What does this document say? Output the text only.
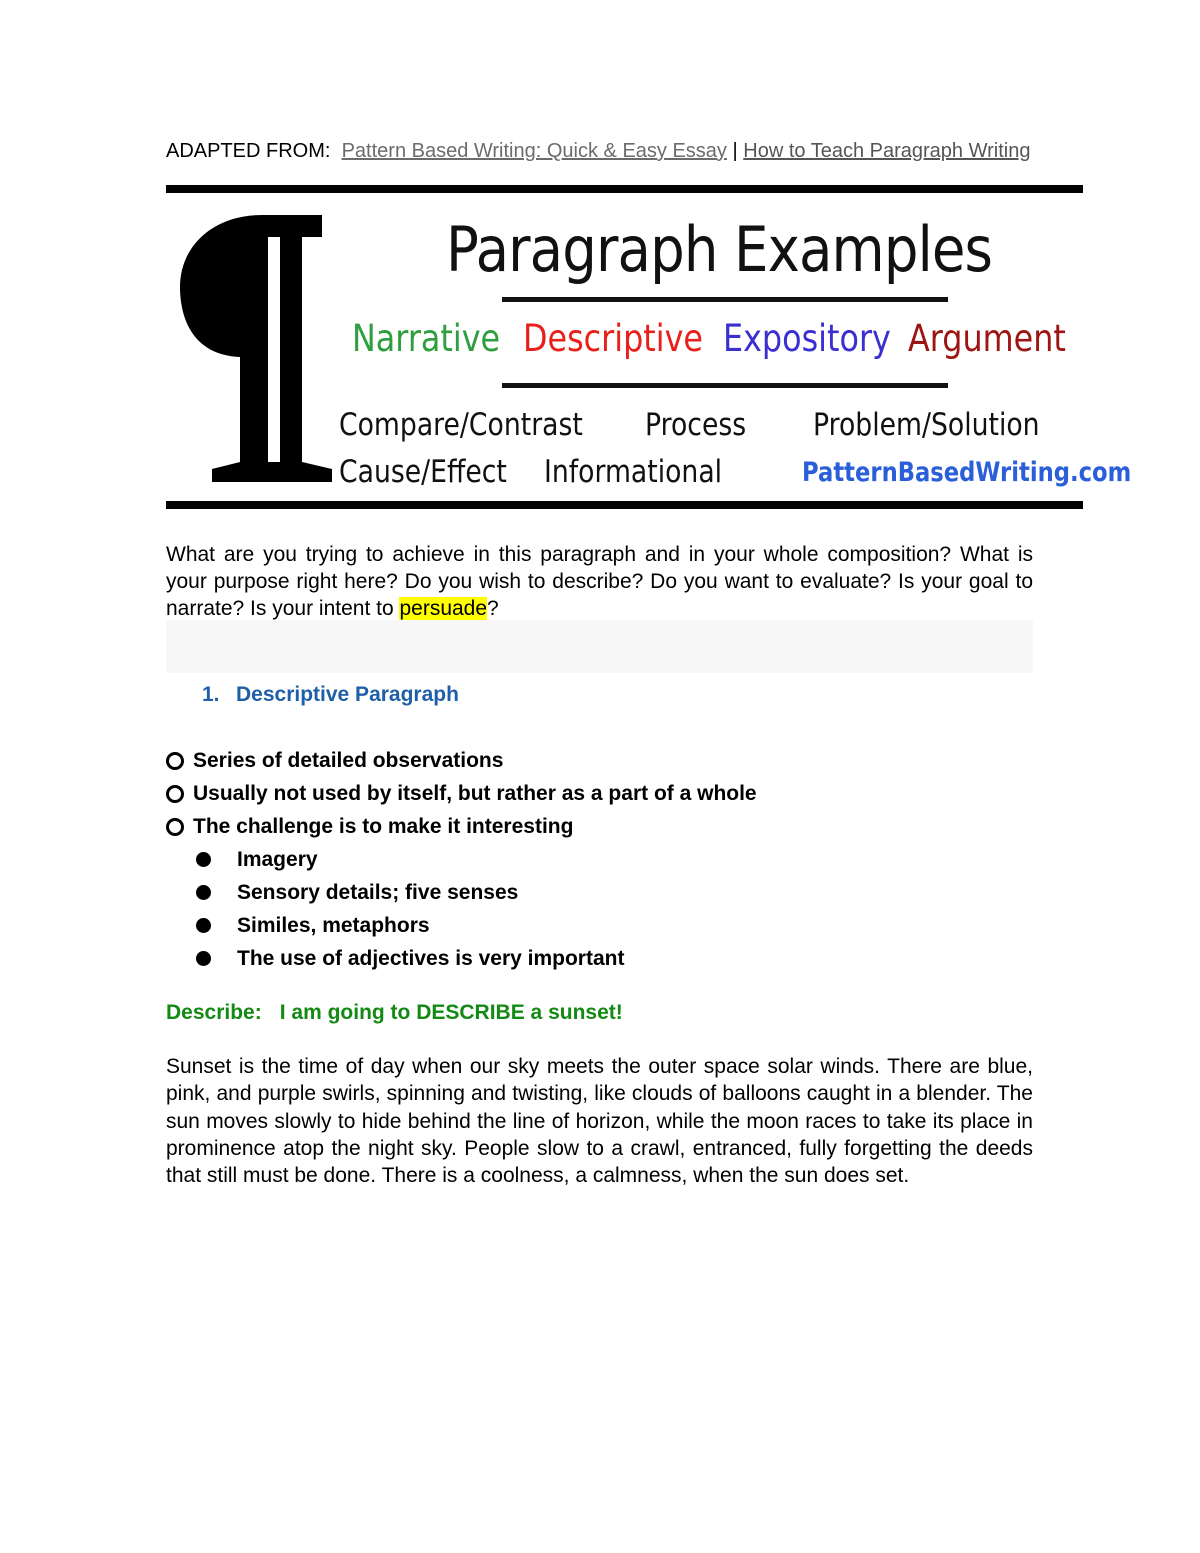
ADAPTED FROM: Pattern Based Writing: Quick & Easy Essay | How to Teach Paragraph Writing
Paragraph Examples
Narrative Descriptive Expository Argument
Compare/Contrast Process Problem/Solution
Cause/Effect Informational	PatternBasedWriting.com
What are you trying to achieve in this paragraph and in your whole composition? What is your purpose right here? Do you wish to describe? Do you want to evaluate? Is your goal to narrate? Is your intent to persuade?
1. Descriptive Paragraph
Series of detailed observations
Usually not used by itself, but rather as a part of a whole
The challenge is to make it interesting
Imagery
Sensory details; five senses
Similes, metaphors
The use of adjectives is very important
Describe: I am going to DESCRIBE a sunset!
Sunset is the time of day when our sky meets the outer space solar winds. There are blue, pink, and purple swirls, spinning and twisting, like clouds of balloons caught in a blender. The sun moves slowly to hide behind the line of horizon, while the moon races to take its place in prominence atop the night sky. People slow to a crawl, entranced, fully forgetting the deeds that still must be done. There is a coolness, a calmness, when the sun does set.
